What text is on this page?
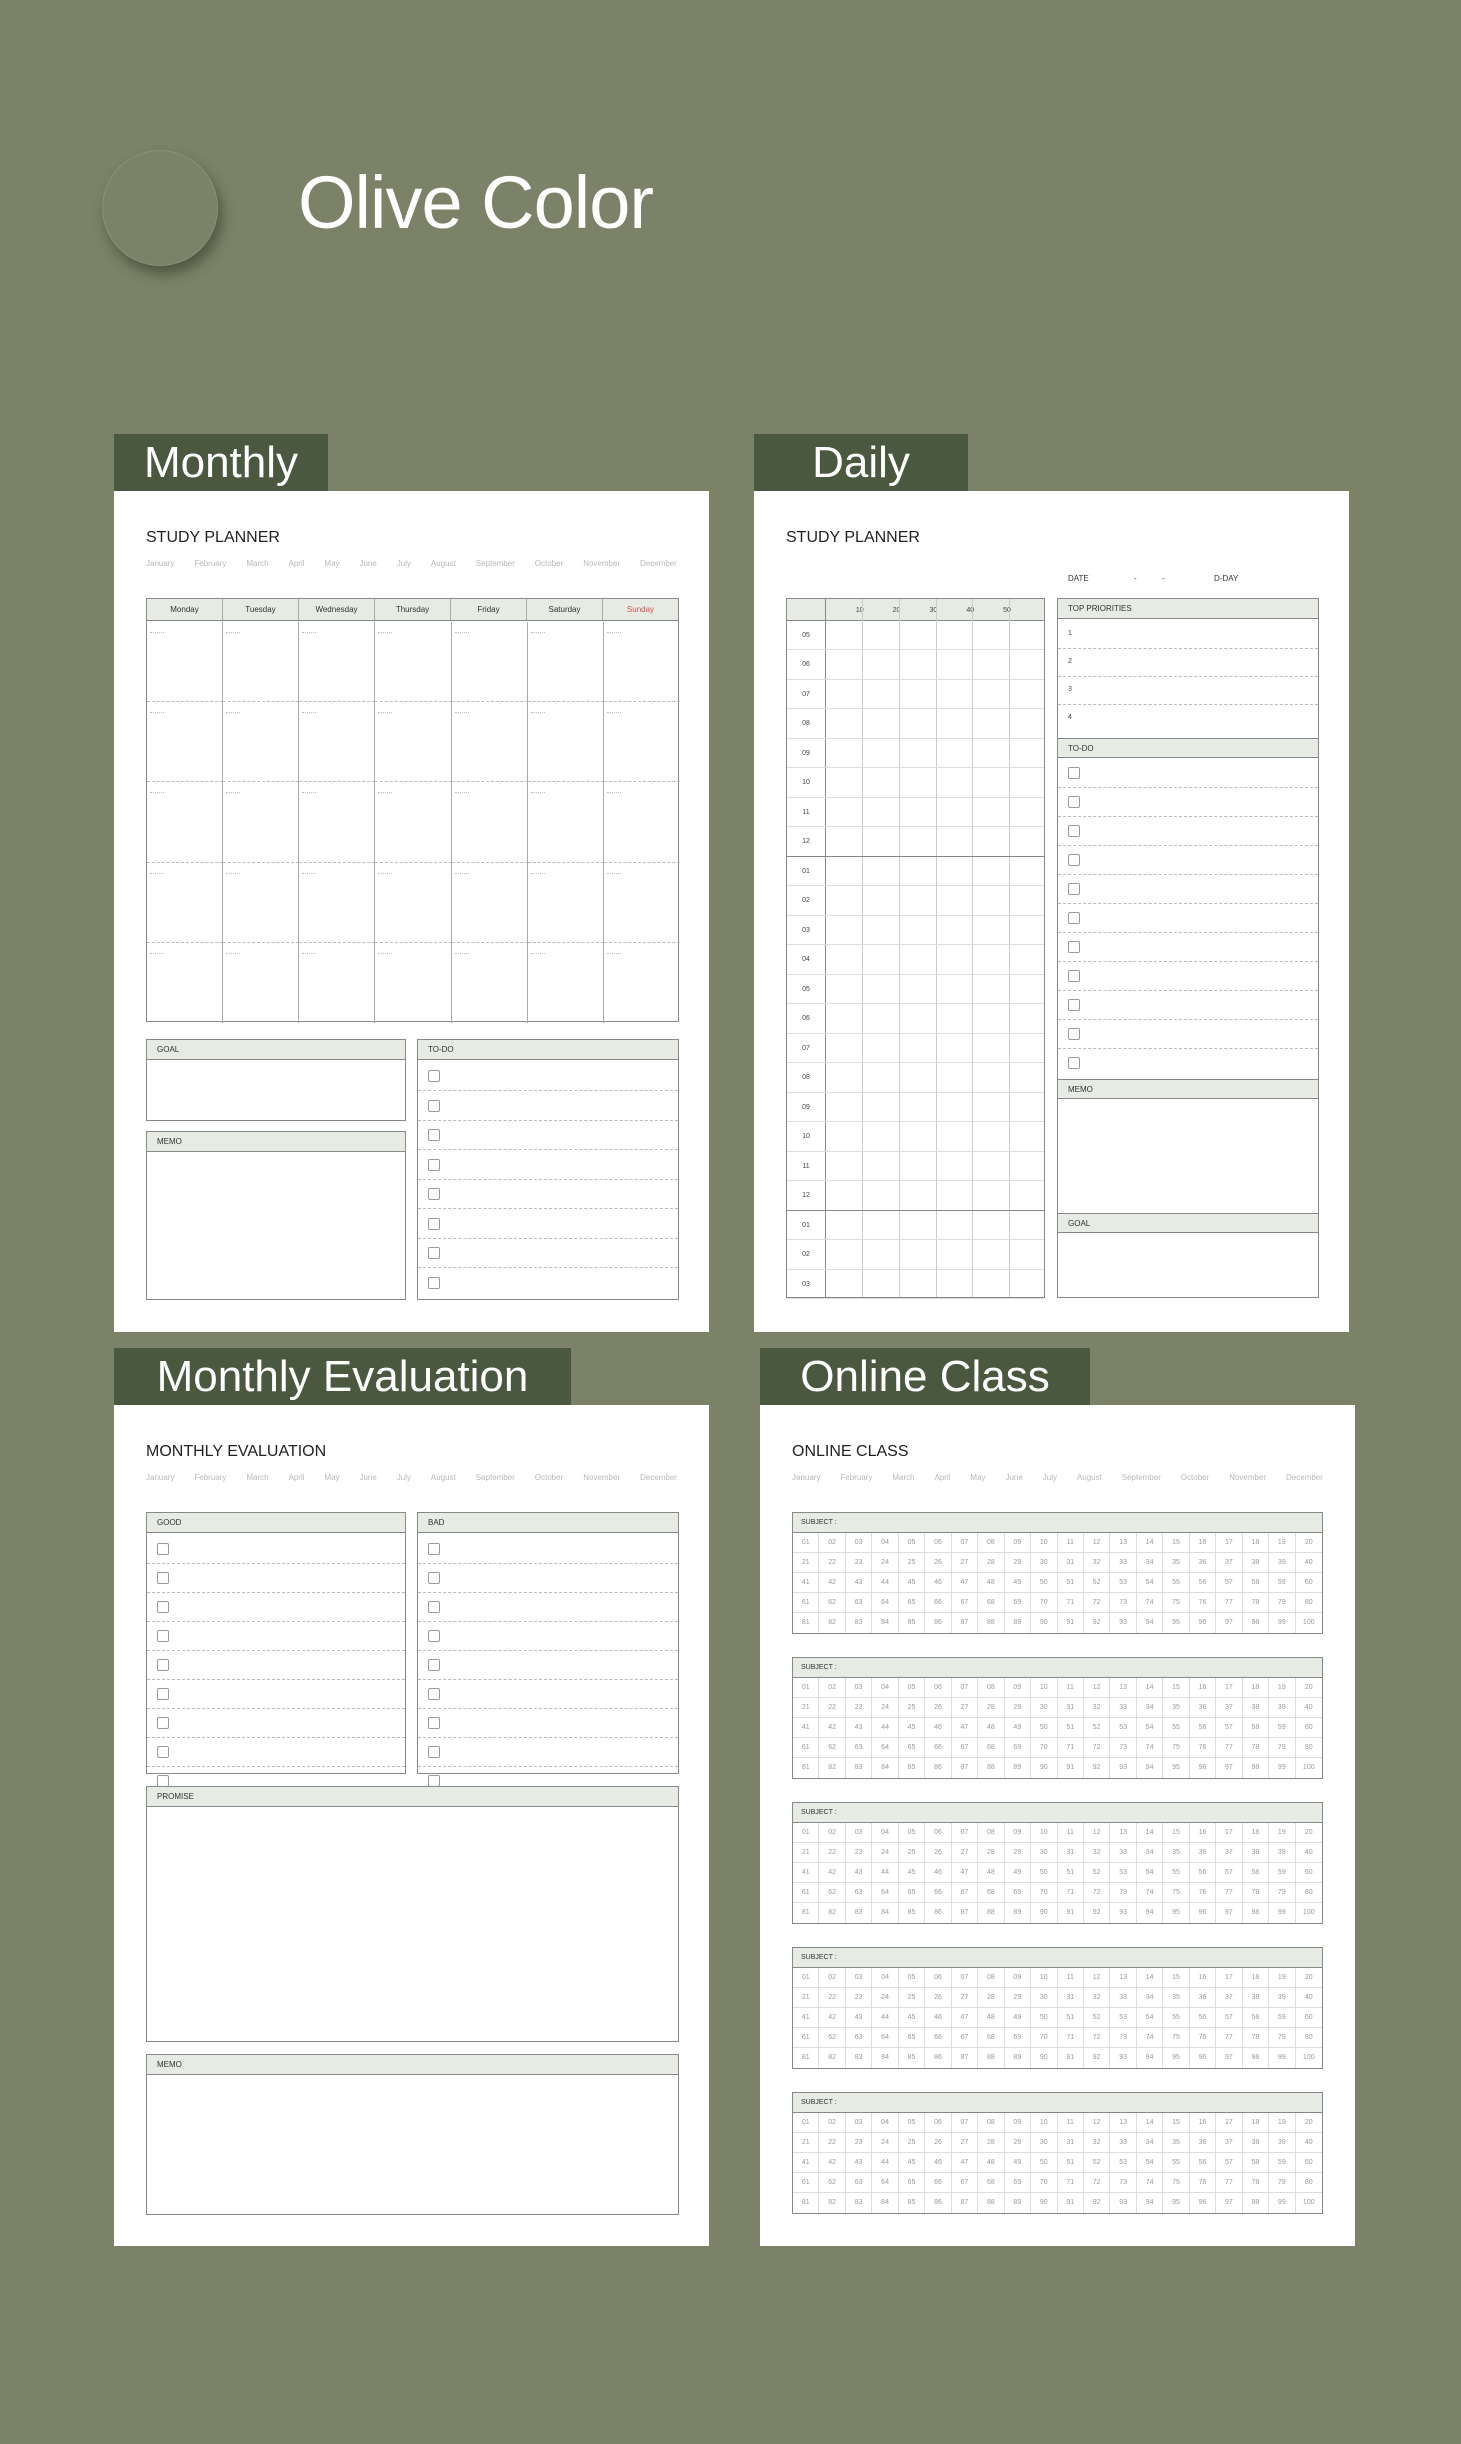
Olive Color
Monthly
STUDY PLANNER
January February March April May June July August September October November December
Monday	Tuesday	Wednesday	Thursday	Friday	Saturday	Sunday
GOAL
MEMO
TO-DO
Daily
STUDY PLANNER
DATE	-	-	D-DAY
10	20	30	40	50
05
06
07
08
09
10
11
12
01
02
03
04
05
06
07
08
09
10
11
12
01
02
03
TOP PRIORITIES
1
2
3
4
TO-DO
MEMO
GOAL
Monthly Evaluation
MONTHLY EVALUATION
January February March April May June July August September October November December
GOOD	BAD
PROMISE
MEMO
Online Class
ONLINE CLASS
January February March April May June July August September October November December
SUBJECT :
01	02	03	04	05	06	07	08	09	10	11	12	13	14	15	16	17	18	19	20
21	22	23	24	25	26	27	28	29	30	31	32	33	34	35	36	37	38	39	40
41	42	43	44	45	46	47	48	49	50	51	52	53	54	55	56	57	58	59	60
61	62	63	64	65	66	67	68	69	70	71	72	73	74	75	76	77	78	79	80
81	82	83	84	85	86	87	88	89	90	91	92	93	94	95	96	97	98	99	100
SUBJECT :
01	02	03	04	05	06	07	08	09	10	11	12	13	14	15	16	17	18	19	20
21	22	23	24	25	26	27	28	29	30	31	32	33	34	35	36	37	38	39	40
41	42	43	44	45	46	47	48	49	50	51	52	53	54	55	56	57	58	59	60
61	62	63	64	65	66	67	68	69	70	71	72	73	74	75	76	77	78	79	80
81	82	83	84	85	86	87	88	89	90	91	92	93	94	95	96	97	98	99	100
SUBJECT :
01	02	03	04	05	06	07	08	09	10	11	12	13	14	15	16	17	18	19	20
21	22	23	24	25	26	27	28	29	30	31	32	33	34	35	36	37	38	39	40
41	42	43	44	45	46	47	48	49	50	51	52	53	54	55	56	57	58	59	60
61	62	63	64	65	66	67	68	69	70	71	72	73	74	75	76	77	78	79	80
81	82	83	84	85	86	87	88	89	90	91	92	93	94	95	96	97	98	99	100
SUBJECT :
01	02	03	04	05	06	07	08	09	10	11	12	13	14	15	16	17	18	19	20
21	22	23	24	25	26	27	28	29	30	31	32	33	34	35	36	37	38	39	40
41	42	43	44	45	46	47	48	49	50	51	52	53	54	55	56	57	58	59	60
61	62	63	64	65	66	67	68	69	70	71	72	73	74	75	76	77	78	79	80
81	82	83	84	85	86	87	88	89	90	91	92	93	94	95	96	97	98	99	100
SUBJECT :
01	02	03	04	05	06	07	08	09	10	11	12	13	14	15	16	17	18	19	20
21	22	23	24	25	26	27	28	29	30	31	32	33	34	35	36	37	38	39	40
41	42	43	44	45	46	47	48	49	50	51	52	53	54	55	56	57	58	59	60
61	62	63	64	65	66	67	68	69	70	71	72	73	74	75	76	77	78	79	80
81	82	83	84	85	86	87	88	89	90	91	92	93	94	95	96	97	98	99	100
